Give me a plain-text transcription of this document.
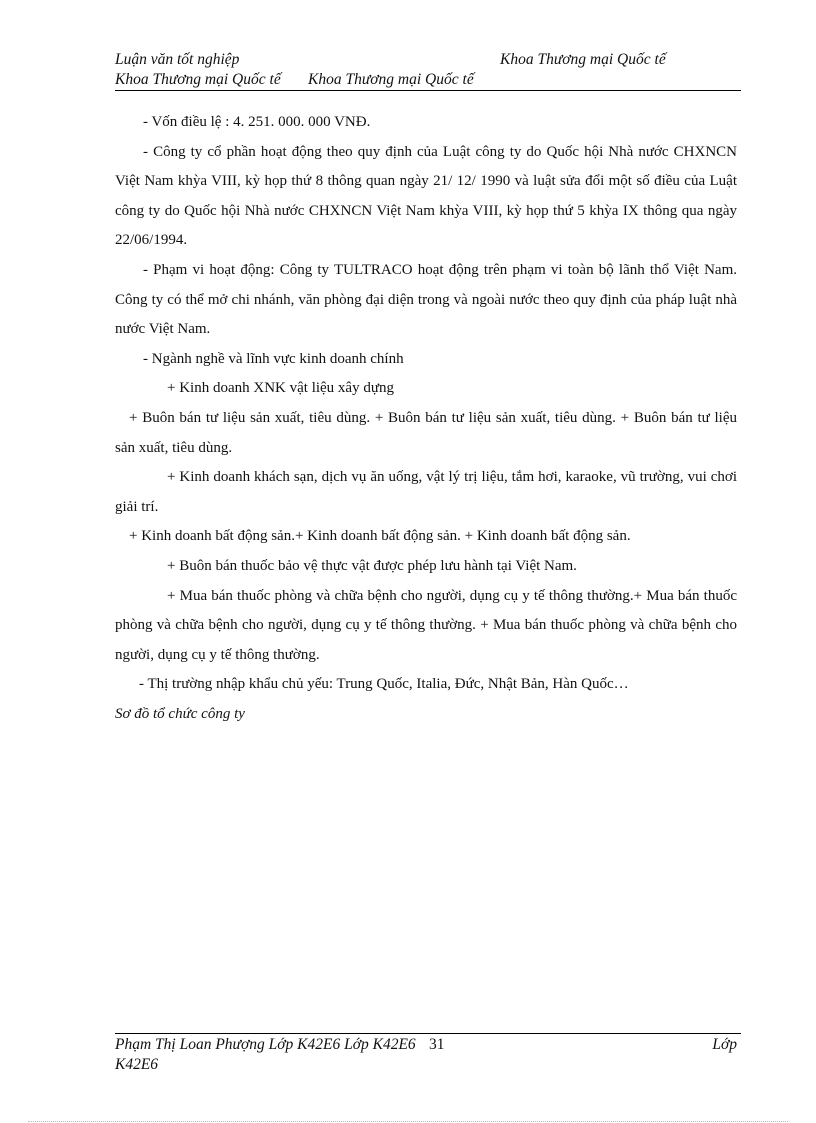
Luận văn tốt nghiệp	Khoa Thương mại Quốc tế
Khoa Thương mại Quốc tế Khoa Thương mại Quốc tế

- Vốn điều lệ : 4. 251. 000. 000 VNĐ.

- Công ty cổ phần hoạt động theo quy định của Luật công ty do Quốc hội Nhà nước CHXNCN Việt Nam khỳa VIII, kỳ họp thứ 8 thông quan ngày 21/ 12/ 1990 và luật sửa đổi một số điều của Luật công ty do Quốc hội Nhà nước CHXNCN Việt Nam khỳa VIII, kỳ họp thứ 5 khỳa IX thông qua ngày 22/06/1994.

- Phạm vi hoạt động: Công ty TULTRACO hoạt động trên phạm vi toàn bộ lãnh thổ Việt Nam. Công ty có thể mở chi nhánh, văn phòng đại diện trong và ngoài nước theo quy định của pháp luật nhà nước Việt Nam.

- Ngành nghề và lĩnh vực kinh doanh chính

+ Kinh doanh XNK vật liệu xây dựng

+ Buôn bán tư liệu sản xuất, tiêu dùng. + Buôn bán tư liệu sản xuất, tiêu dùng. + Buôn bán tư liệu sản xuất, tiêu dùng.

+ Kinh doanh khách sạn, dịch vụ ăn uống, vật lý trị liệu, tắm hơi, karaoke, vũ trường, vui chơi giải trí.

+ Kinh doanh bất động sản.+ Kinh doanh bất động sản. + Kinh doanh bất động sản.

+ Buôn bán thuốc bảo vệ thực vật được phép lưu hành tại Việt Nam.

+ Mua bán thuốc phòng và chữa bệnh cho người, dụng cụ y tế thông thường.+ Mua bán thuốc phòng và chữa bệnh cho người, dụng cụ y tế thông thường. + Mua bán thuốc phòng và chữa bệnh cho người, dụng cụ y tế thông thường.

- Thị trường nhập khẩu chủ yếu: Trung Quốc, Italia, Đức, Nhật Bản, Hàn Quốc…

Sơ đồ tổ chức công ty

Phạm Thị Loan Phượng Lớp K42E6 Lớp K42E6 31	Lớp
K42E6
